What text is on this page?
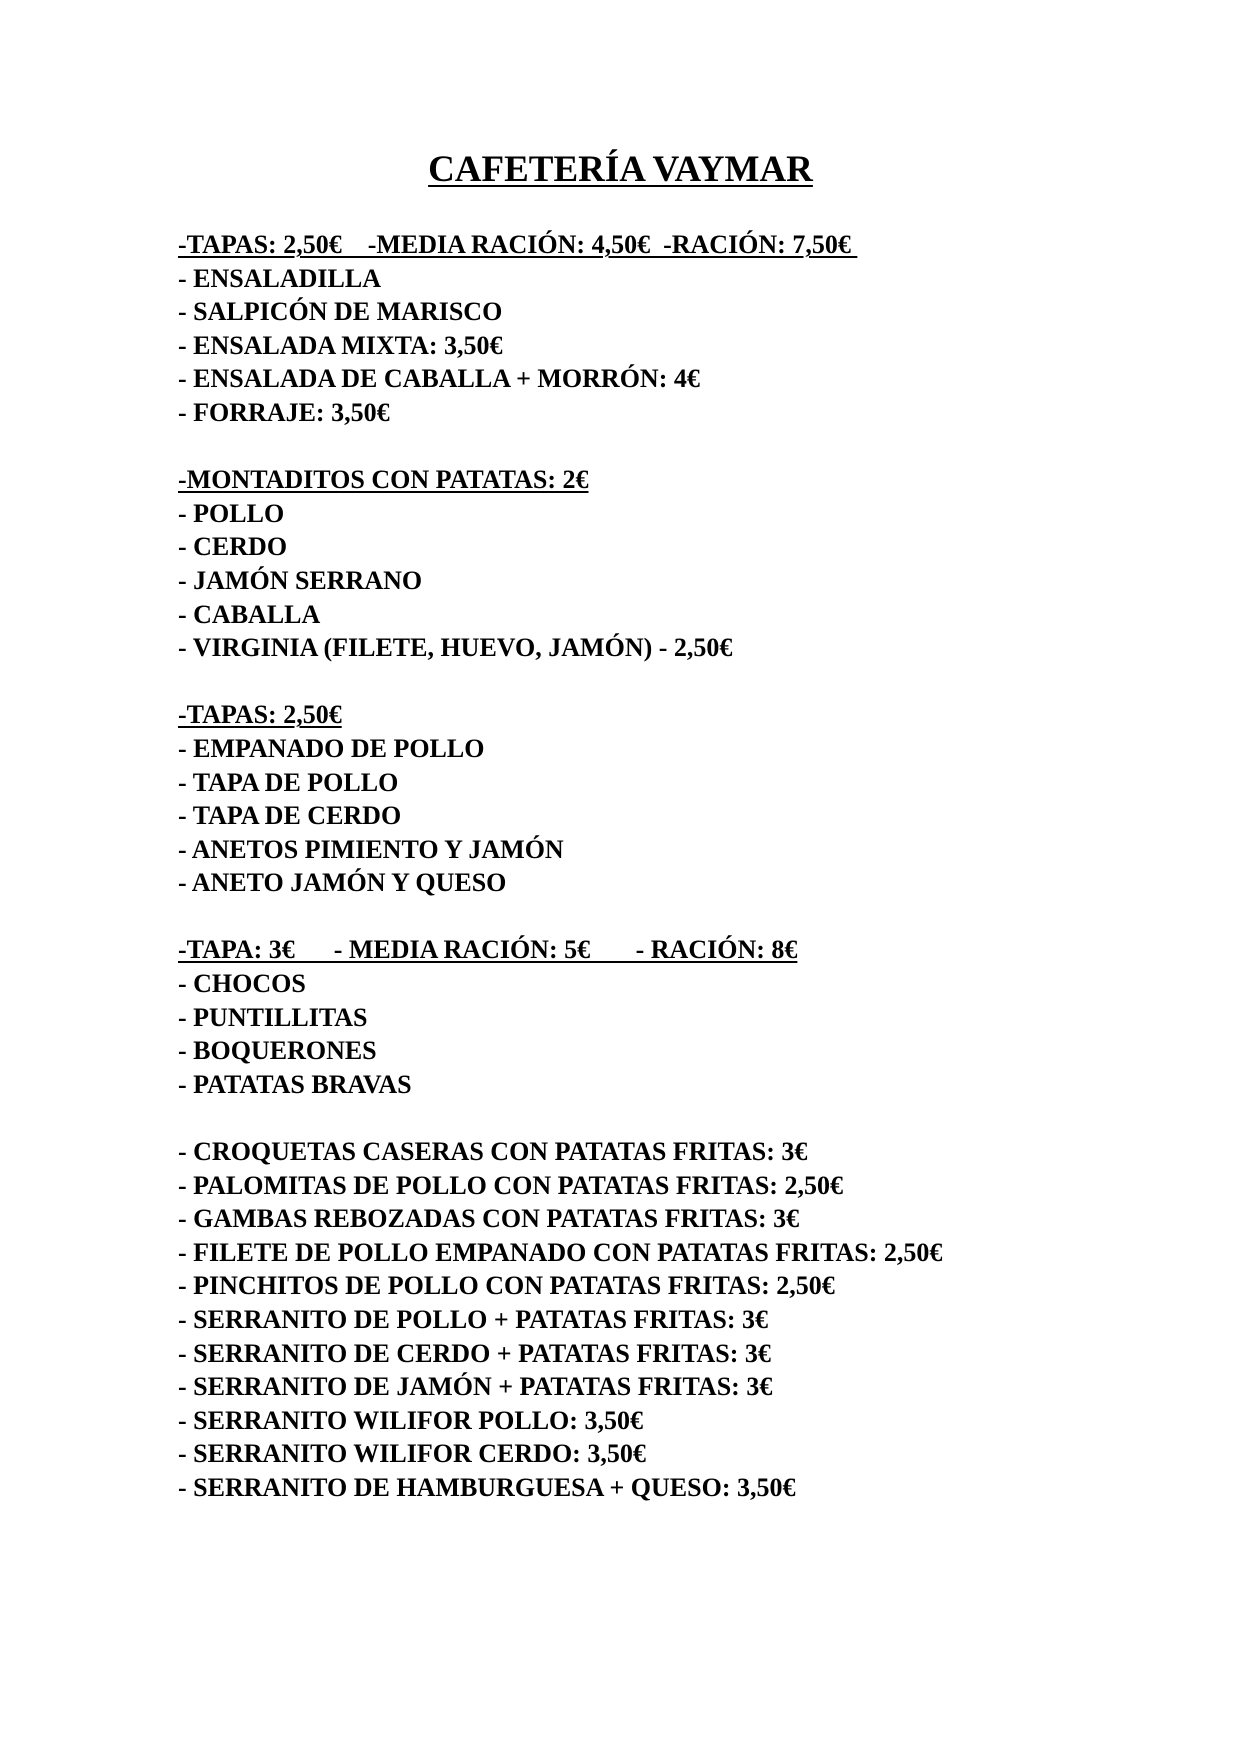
CAFETERÍA VAYMAR
-TAPAS: 2,50€    -MEDIA RACIÓN: 4,50€  -RACIÓN: 7,50€
- ENSALADILLA
- SALPICÓN DE MARISCO
- ENSALADA MIXTA: 3,50€
- ENSALADA DE CABALLA + MORRÓN: 4€
- FORRAJE: 3,50€
-MONTADITOS CON PATATAS: 2€
- POLLO
- CERDO
- JAMÓN SERRANO
- CABALLA
- VIRGINIA (FILETE, HUEVO, JAMÓN) - 2,50€
-TAPAS: 2,50€
- EMPANADO DE POLLO
- TAPA DE POLLO
- TAPA DE CERDO
- ANETOS PIMIENTO Y JAMÓN
- ANETO JAMÓN Y QUESO
-TAPA: 3€      - MEDIA RACIÓN: 5€       - RACIÓN: 8€
- CHOCOS
- PUNTILLITAS
- BOQUERONES
- PATATAS BRAVAS
- CROQUETAS CASERAS CON PATATAS FRITAS: 3€
- PALOMITAS DE POLLO CON PATATAS FRITAS: 2,50€
- GAMBAS REBOZADAS CON PATATAS FRITAS: 3€
- FILETE DE POLLO EMPANADO CON PATATAS FRITAS: 2,50€
- PINCHITOS DE POLLO CON PATATAS FRITAS: 2,50€
- SERRANITO DE POLLO + PATATAS FRITAS: 3€
- SERRANITO DE CERDO + PATATAS FRITAS: 3€
- SERRANITO DE JAMÓN + PATATAS FRITAS: 3€
- SERRANITO WILIFOR POLLO: 3,50€
- SERRANITO WILIFOR CERDO: 3,50€
- SERRANITO DE HAMBURGUESA + QUESO: 3,50€
